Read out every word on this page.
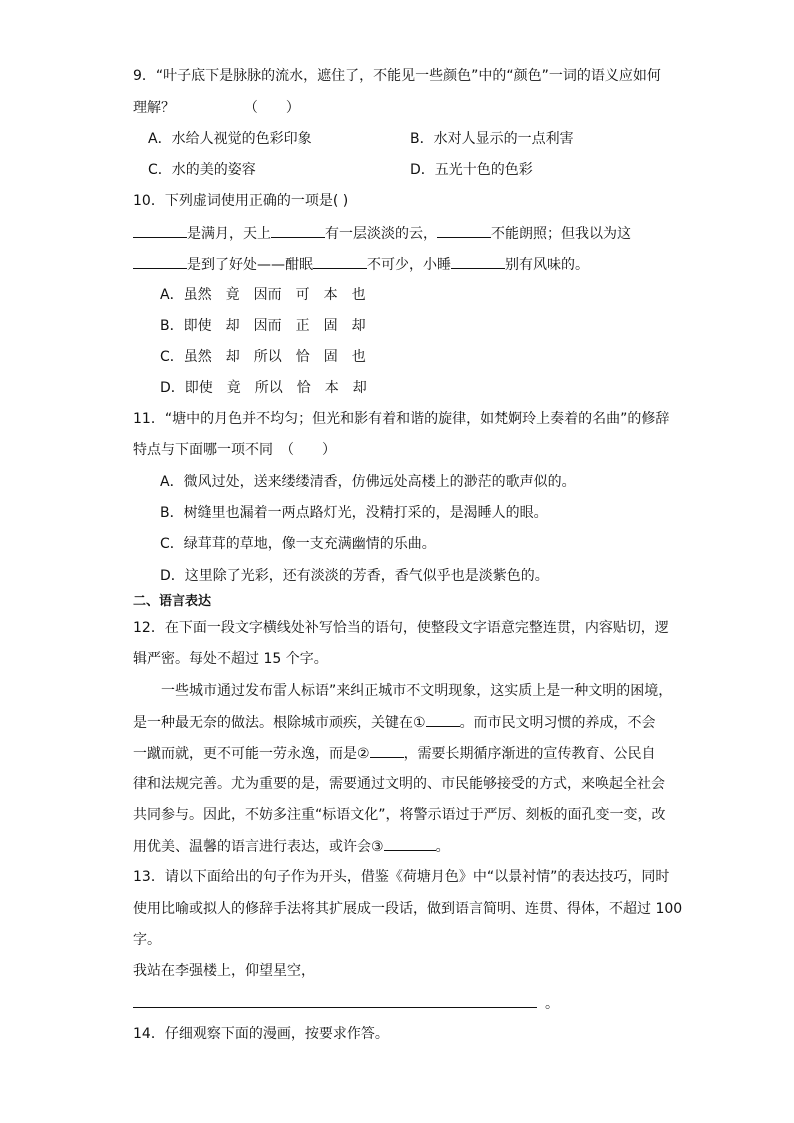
9．“叶子底下是脉脉的流水，遮住了，不能见一些颜色”中的“颜色”一词的语义应如何
理解？	（　　）
A．水给人视觉的色彩印象	B．水对人显示的一点利害
C．水的美的姿容	D．五光十色的色彩
10．下列虚词使用正确的一项是( )
是满月，天上	有一层淡淡的云，	不能朗照；但我以为这
是到了好处——酣眠	不可少，小睡	别有风味的。
A．虽然　竟　因而　可　本　也
B．即使　却　因而　正　固　却
C．虽然　却　所以　恰　固　也
D．即使　竟　所以　恰　本　却
11．“塘中的月色并不均匀；但光和影有着和谐的旋律，如梵婀玲上奏着的名曲”的修辞
特点与下面哪一项不同　（　　）
A．微风过处，送来缕缕清香，仿佛远处高楼上的渺茫的歌声似的。
B．树缝里也漏着一两点路灯光，没精打采的，是渴睡人的眼。
C．绿茸茸的草地，像一支充满幽情的乐曲。
D．这里除了光彩，还有淡淡的芳香，香气似乎也是淡紫色的。
二、语言表达
12．在下面一段文字横线处补写恰当的语句，使整段文字语意完整连贯，内容贴切，逻
辑严密。每处不超过 15 个字。
一些城市通过发布雷人标语”来纠正城市不文明现象，这实质上是一种文明的困境，
是一种最无奈的做法。根除城市顽疾，关键在① 。而市民文明习惯的养成，不会
一蹴而就，更不可能一劳永逸，而是② ，需要长期循序渐进的宣传教育、公民自
律和法规完善。尤为重要的是，需要通过文明的、市民能够接受的方式，来唤起全社会
共同参与。因此，不妨多注重“标语文化”，将警示语过于严厉、刻板的面孔变一变，改
用优美、温馨的语言进行表达，或许会③	。
13．请以下面给出的句子作为开头，借鉴《荷塘月色》中“以景衬情”的表达技巧，同时
使用比喻或拟人的修辞手法将其扩展成一段话，做到语言简明、连贯、得体，不超过 100
字。
我站在李强楼上，仰望星空，
。
14．仔细观察下面的漫画，按要求作答。
